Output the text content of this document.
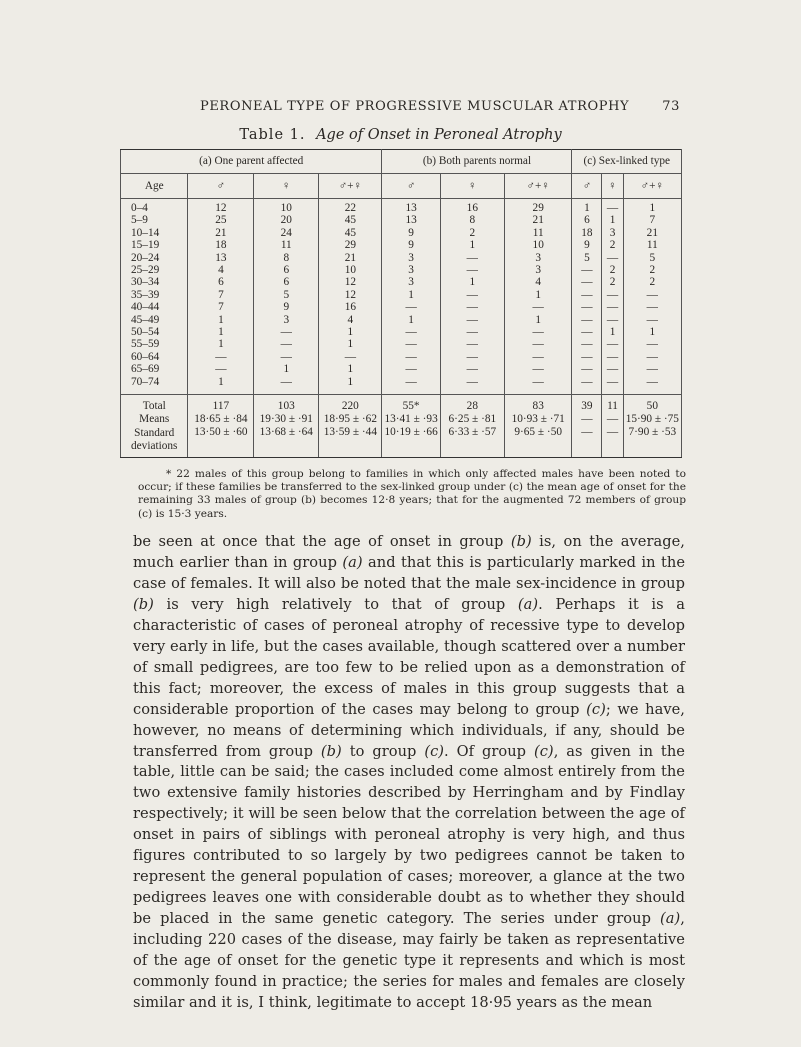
PERONEAL TYPE OF PROGRESSIVE MUSCULAR ATROPHY	73
Table 1. Age of Onset in Peroneal Atrophy
(a) One parent affected				(b) Both parents normal			(c) Sex-linked type		
Age	♂	♀	♂+♀	♂	♀	♂+♀	♂	♀	♂+♀
0–4	12	10	22	13	16	29	1	—	1
5–9	25	20	45	13	8	21	6	1	7
10–14	21	24	45	9	2	11	18	3	21
15–19	18	11	29	9	1	10	9	2	11
20–24	13	8	21	3	—	3	5	—	5
25–29	4	6	10	3	—	3	—	2	2
30–34	6	6	12	3	1	4	—	2	2
35–39	7	5	12	1	—	1	—	—	—
40–44	7	9	16	—	—	—	—	—	—
45–49	1	3	4	1	—	1	—	—	—
50–54	1	—	1	—	—	—	—	1	1
55–59	1	—	1	—	—	—	—	—	—
60–64	—	—	—	—	—	—	—	—	—
65–69	—	1	1	—	—	—	—	—	—
70–74	1	—	1	—	—	—	—	—	—
Total	117	103	220	55*	28	83	39	11	50
Means	18·65 ± ·84	19·30 ± ·91	18·95 ± ·62	13·41 ± ·93	6·25 ± ·81	10·93 ± ·71	—	—	15·90 ± ·75
Standard
deviations	13·50 ± ·60	13·68 ± ·64	13·59 ± ·44	10·19 ± ·66	6·33 ± ·57	9·65 ± ·50	—	—	7·90 ± ·53
* 22 males of this group belong to families in which only affected males have been noted to occur; if these families be transferred to the sex-linked group under (c) the mean age of onset for the remaining 33 males of group (b) becomes 12·8 years; that for the augmented 72 members of group (c) is 15·3 years.
be seen at once that the age of onset in group (b) is, on the average, much earlier than in group (a) and that this is particularly marked in the case of females. It will also be noted that the male sex-incidence in group (b) is very high relatively to that of group (a). Perhaps it is a characteristic of cases of peroneal atrophy of recessive type to develop very early in life, but the cases available, though scattered over a number of small pedigrees, are too few to be relied upon as a demonstration of this fact; moreover, the excess of males in this group suggests that a considerable proportion of the cases may belong to group (c); we have, however, no means of determining which individuals, if any, should be transferred from group (b) to group (c). Of group (c), as given in the table, little can be said; the cases included come almost entirely from the two extensive family histories described by Herringham and by Findlay respectively; it will be seen below that the correlation between the age of onset in pairs of siblings with peroneal atrophy is very high, and thus figures contributed to so largely by two pedigrees cannot be taken to represent the general population of cases; moreover, a glance at the two pedigrees leaves one with considerable doubt as to whether they should be placed in the same genetic category. The series under group (a), including 220 cases of the disease, may fairly be taken as representative of the age of onset for the genetic type it represents and which is most commonly found in practice; the series for males and females are closely similar and it is, I think, legitimate to accept 18·95 years as the mean
